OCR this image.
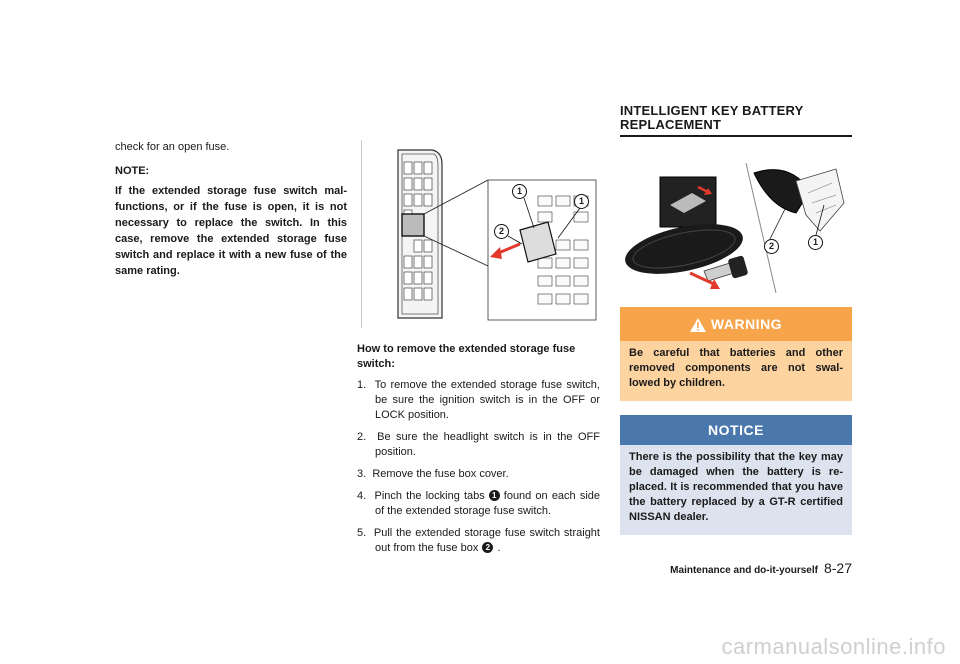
check for an open fuse.

NOTE:

If the extended storage fuse switch mal-functions, or if the fuse is open, it is not necessary to replace the switch. In this case, remove the extended storage fuse switch and replace it with a new fuse of the same rating.

1
1
2

How to remove the extended storage fuse switch:

1. To remove the extended storage fuse switch, be sure the ignition switch is in the OFF or LOCK position.
2. Be sure the headlight switch is in the OFF position.
3. Remove the fuse box cover.
4. Pinch the locking tabs 1 found on each side of the extended storage fuse switch.
5. Pull the extended storage fuse switch straight out from the fuse box 2 .
INTELLIGENT KEY BATTERY REPLACEMENT
2	1
WARNING
Be careful that batteries and other removed components are not swal-lowed by children.
NOTICE
There is the possibility that the key may be damaged when the battery is re-placed. It is recommended that you have the battery replaced by a GT-R certified NISSAN dealer.
Maintenance and do-it-yourself 8-27
carmanualsonline.info
